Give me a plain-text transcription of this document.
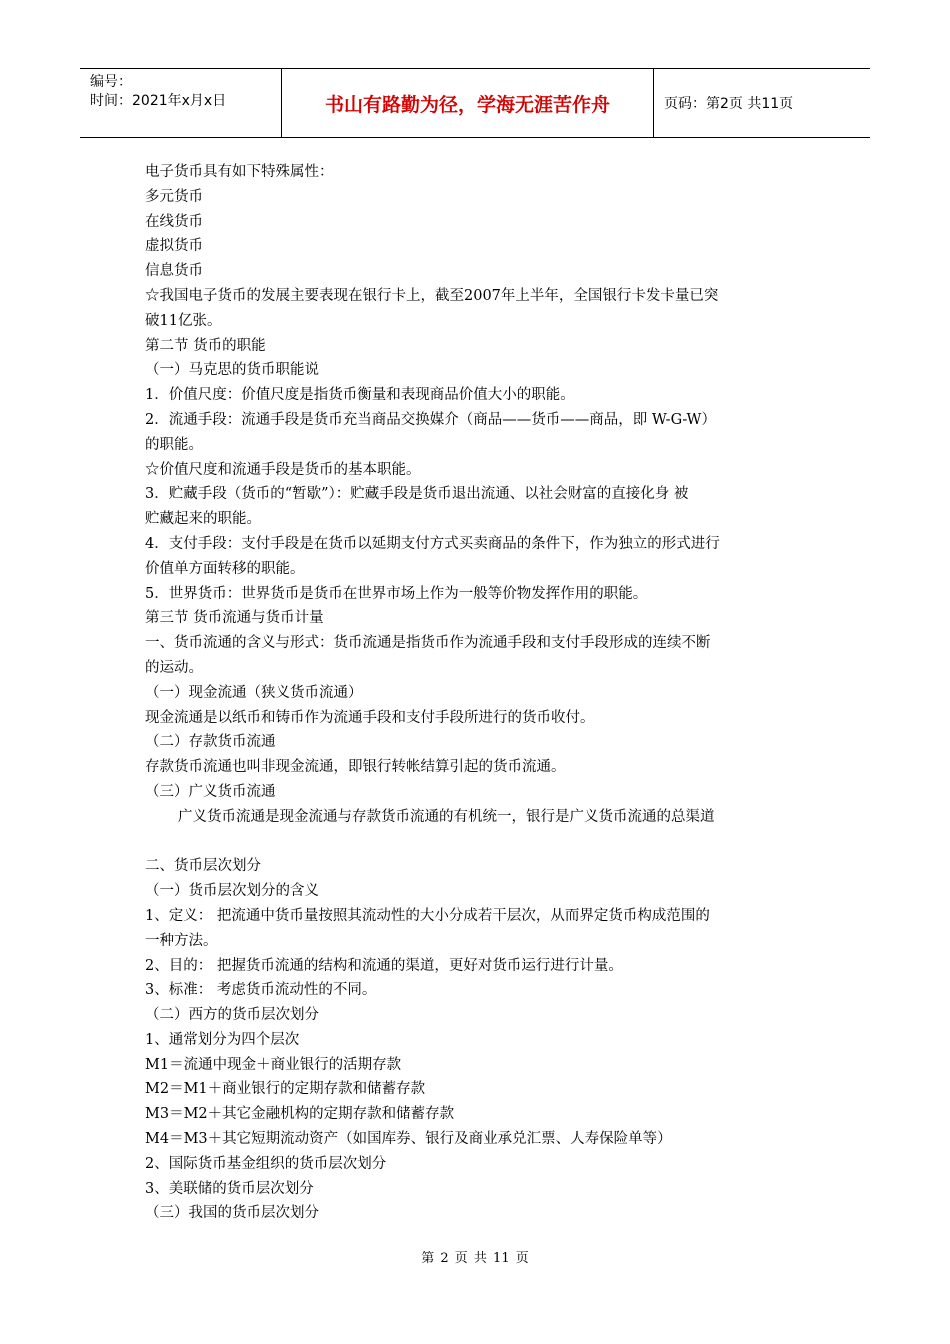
编号：
时间：2021年x月x日	书山有路勤为径，学海无涯苦作舟	页码：第2页 共11页

电子货币具有如下特殊属性：

多元货币

在线货币

虚拟货币

信息货币

☆我国电子货币的发展主要表现在银行卡上，截至2007年上半年，全国银行卡发卡量已突

破11亿张。

第二节 货币的职能

（一）马克思的货币职能说

1．价值尺度：价值尺度是指货币衡量和表现商品价值大小的职能。

2．流通手段：流通手段是货币充当商品交换媒介（商品——货币——商品，即 W-G-W）

的职能。

☆价值尺度和流通手段是货币的基本职能。

3．贮藏手段（货币的“暂歇”）：贮藏手段是货币退出流通、以社会财富的直接化身 被

贮藏起来的职能。

4．支付手段：支付手段是在货币以延期支付方式买卖商品的条件下，作为独立的形式进行

价值单方面转移的职能。

5．世界货币：世界货币是货币在世界市场上作为一般等价物发挥作用的职能。

第三节 货币流通与货币计量

一、货币流通的含义与形式：货币流通是指货币作为流通手段和支付手段形成的连续不断

的运动。

（一）现金流通（狭义货币流通）

现金流通是以纸币和铸币作为流通手段和支付手段所进行的货币收付。

（二）存款货币流通

存款货币流通也叫非现金流通，即银行转帐结算引起的货币流通。

（三）广义货币流通

广义货币流通是现金流通与存款货币流通的有机统一，银行是广义货币流通的总渠道

二、货币层次划分

（一）货币层次划分的含义

1、定义： 把流通中货币量按照其流动性的大小分成若干层次，从而界定货币构成范围的

一种方法。

2、目的： 把握货币流通的结构和流通的渠道，更好对货币运行进行计量。

3、标准： 考虑货币流动性的不同。

（二）西方的货币层次划分

1、通常划分为四个层次

M1＝流通中现金＋商业银行的活期存款

M2＝M1＋商业银行的定期存款和储蓄存款

M3＝M2＋其它金融机构的定期存款和储蓄存款

M4＝M3＋其它短期流动资产（如国库券、银行及商业承兑汇票、人寿保险单等）

2、国际货币基金组织的货币层次划分

3、美联储的货币层次划分

（三）我国的货币层次划分

第 2 页 共 11 页
